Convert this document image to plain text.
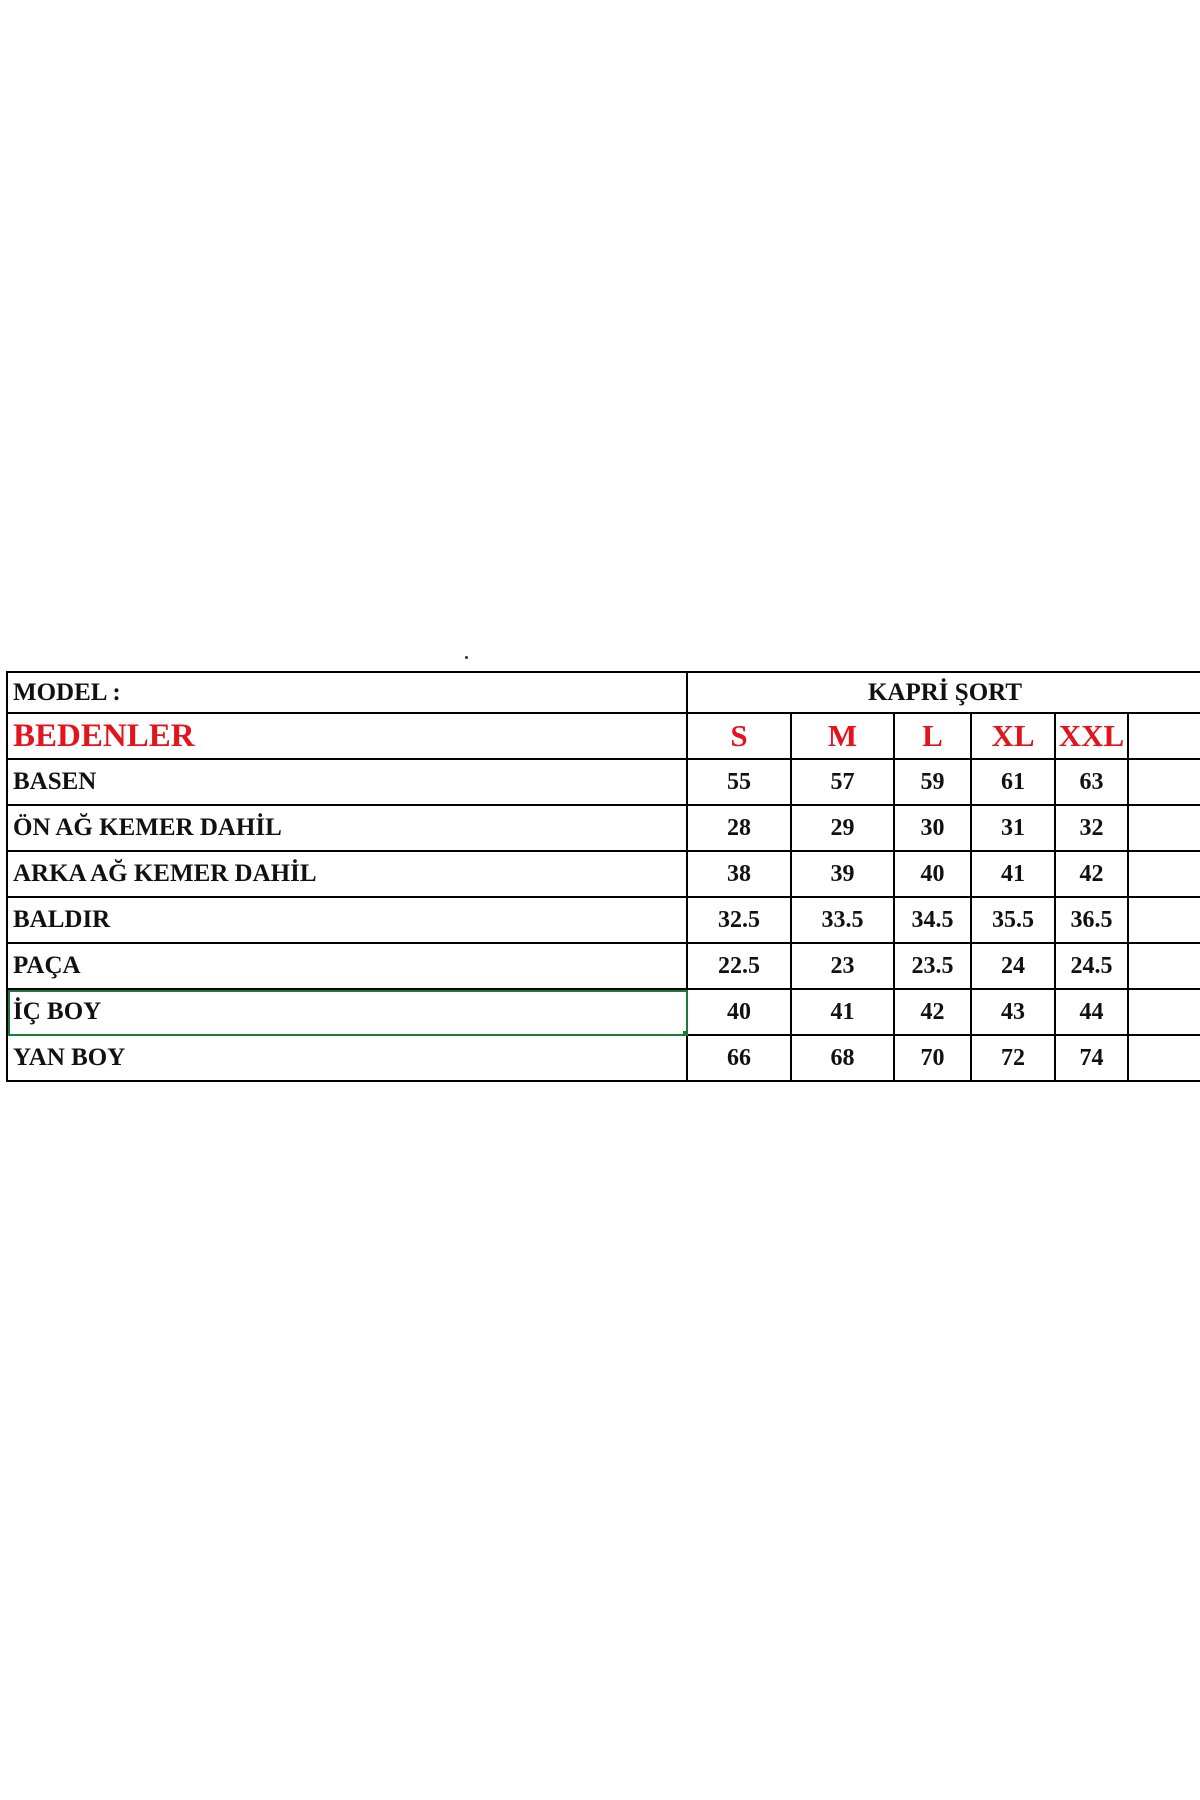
MODEL :	KAPRİ ŞORT
BEDENLER	S	M L XL XXL
BASEN	55	57	59 61 63
ÖN AĞ KEMER DAHİL	28	29	30 31 32
ARKA AĞ KEMER DAHİL	38	39	40 41 42
BALDIR	32.5	33.5 34.5 35.5 36.5
PAÇA	22.5	23 23.5 24 24.5
İÇ BOY	40	41	42 43 44
YAN BOY	66	68	70 72 74
